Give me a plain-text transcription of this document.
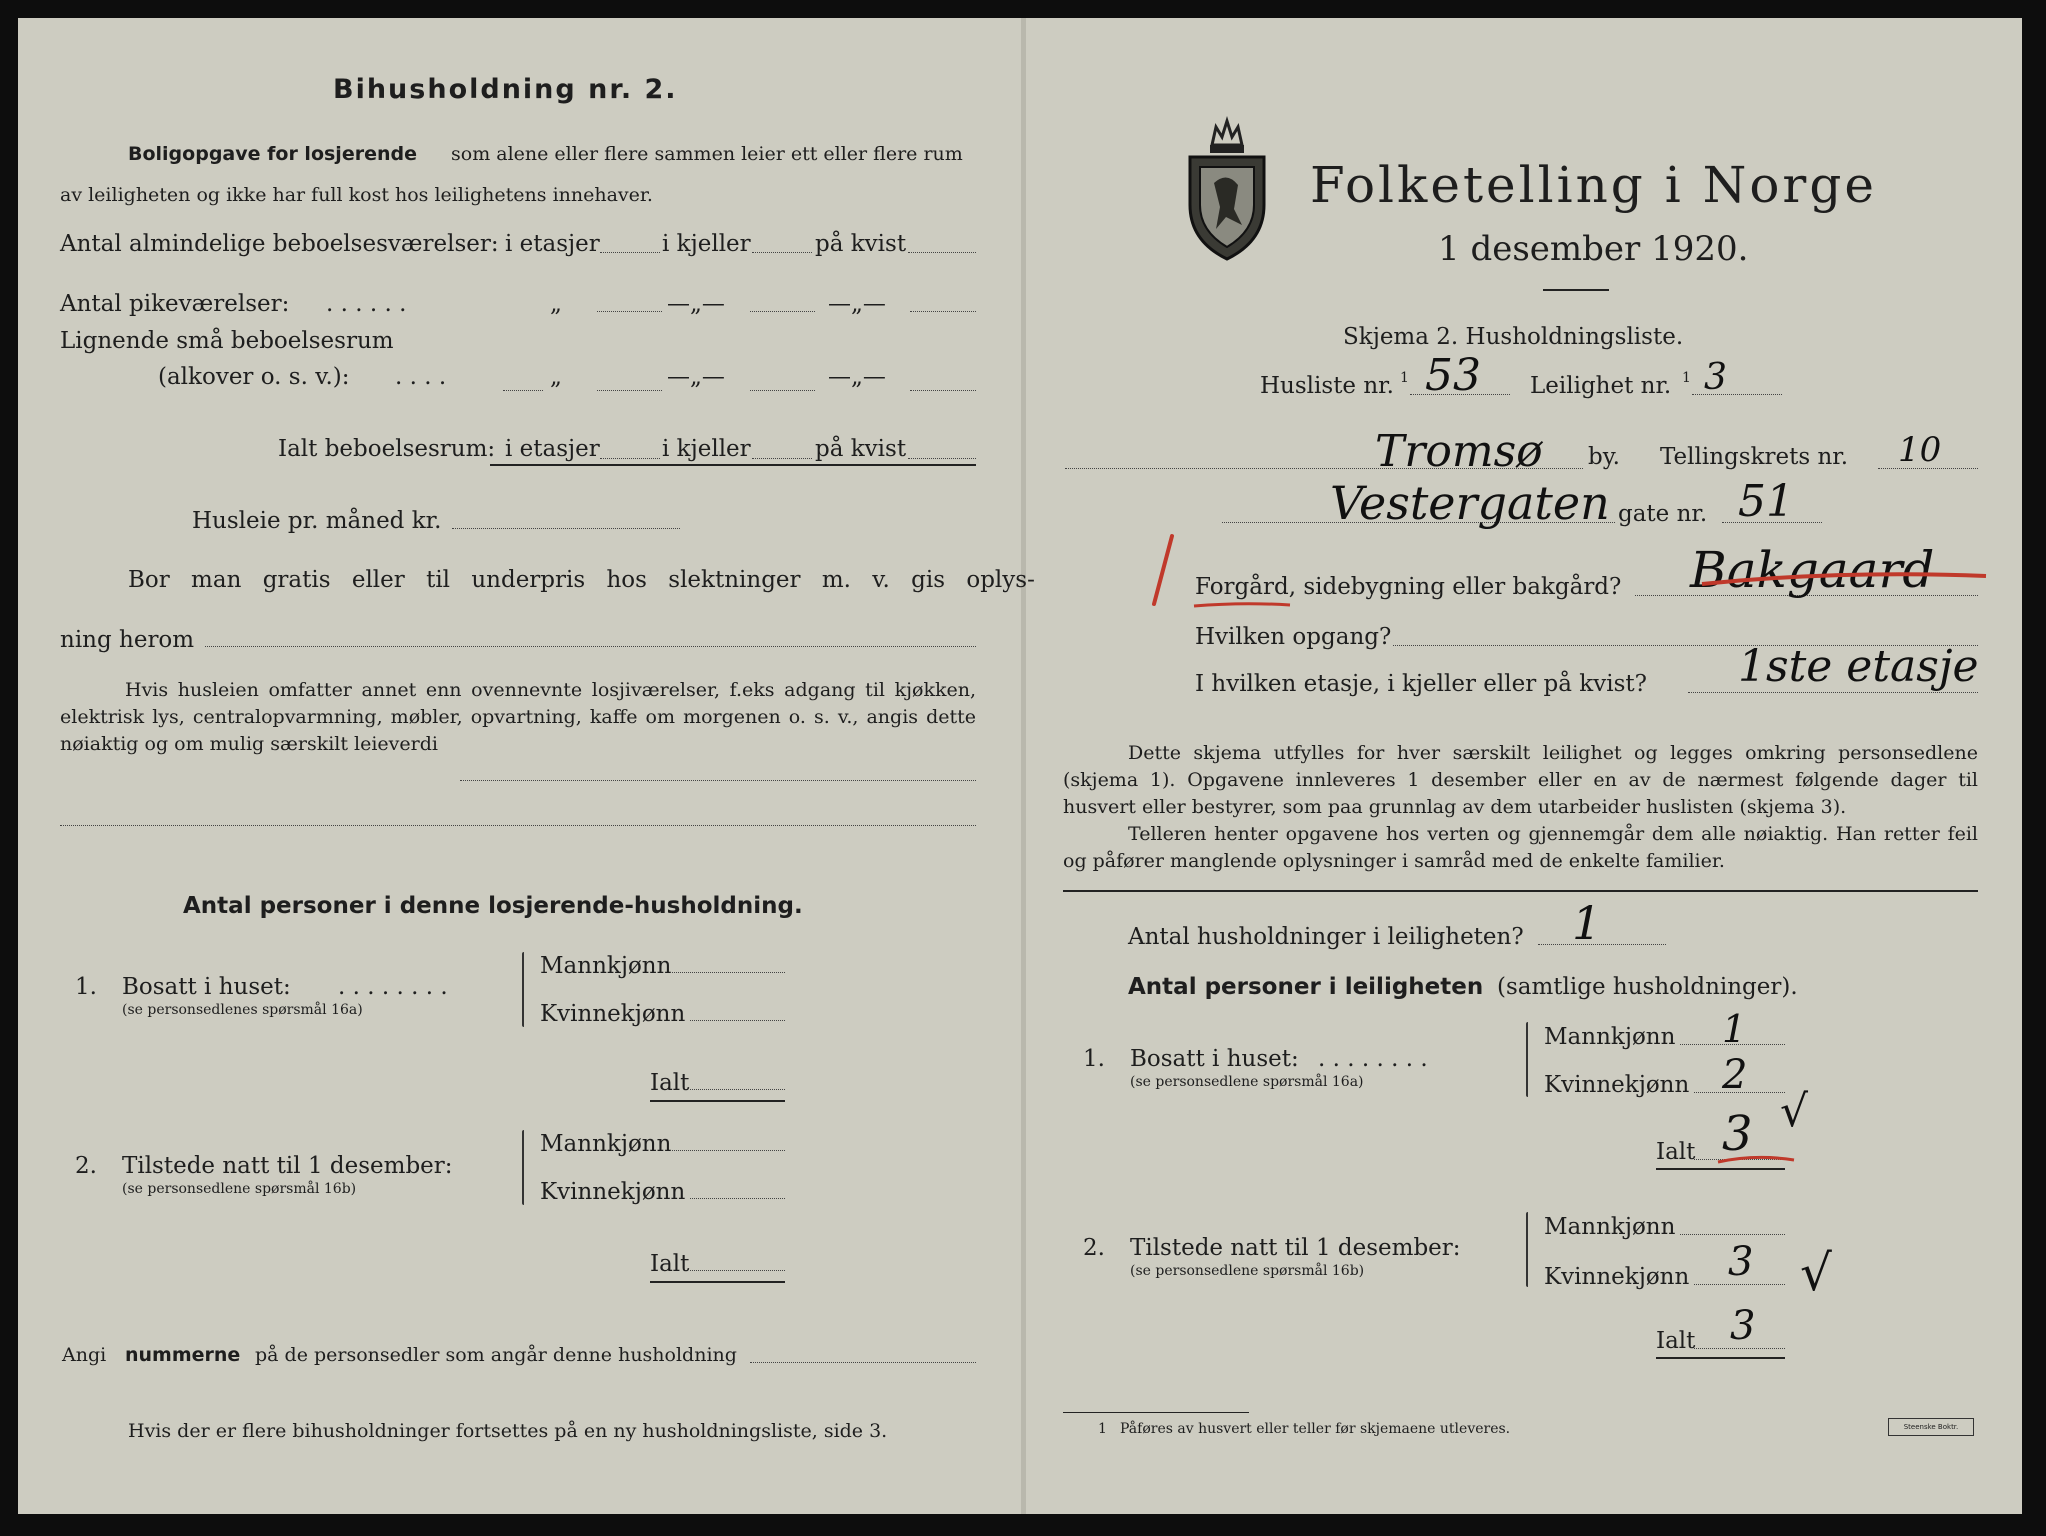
Bihusholdning nr. 2.
Boligopgave for losjerende som alene eller flere sammen leier ett eller flere rum
av leiligheten og ikke har full kost hos leilighetens innehaver.
Antal almindelige beboelsesværelser: i etasjer	i kjeller	på kvist
Antal pikeværelser: . . . . . .	„	—„—	—„—
Lignende små beboelsesrum
(alkover o. s. v.): . . . .	„	—„—	—„—
Ialt beboelsesrum: i etasjer	i kjeller	på kvist
Husleie pr. måned kr.
Bor man gratis eller til underpris hos slektninger m. v. gis oplys-
ning herom
Hvis husleien omfatter annet enn ovennevnte losjiværelser, f.eks adgang til kjøkken, elektrisk lys, centralopvarmning, møbler, opvartning, kaffe om morgenen o. s. v., angis dette nøiaktig og om mulig særskilt leieverdi
Antal personer i denne losjerende-husholdning.
1. Bosatt i huset: . . . . . . . .
(se personsedlenes spørsmål 16a)
Mannkjønn
Kvinnekjønn
Ialt
2. Tilstede natt til 1 desember:
(se personsedlene spørsmål 16b)
Mannkjønn
Kvinnekjønn
Ialt
Angi nummerne på de personsedler som angår denne husholdning
Hvis der er flere bihusholdninger fortsettes på en ny husholdningsliste, side 3.
Folketelling i Norge
1 desember 1920.
Skjema 2. Husholdningsliste.
Husliste nr. 1 53 Leilighet nr. 1 3
Tromsø by. Tellingskrets nr. 10
Vestergaten gate nr. 51
Forgård, sidebygning eller bakgård? Bakgaard
Hvilken opgang?
I hvilken etasje, i kjeller eller på kvist? 1ste etasje
Dette skjema utfylles for hver særskilt leilighet og legges omkring personsedlene (skjema 1). Opgavene innleveres 1 desember eller en av de nærmest følgende dager til husvert eller bestyrer, som paa grunnlag av dem utarbeider huslisten (skjema 3).
Telleren henter opgavene hos verten og gjennemgår dem alle nøiaktig. Han retter feil og påfører manglende oplysninger i samråd med de enkelte familier.
Antal husholdninger i leiligheten? 1
Antal personer i leiligheten (samtlige husholdninger).
1. Bosatt i huset: . . . . . . . .
(se personsedlene spørsmål 16a)
Mannkjønn 1
Kvinnekjønn 2
√
Ialt 3
2. Tilstede natt til 1 desember:
(se personsedlene spørsmål 16b)
Mannkjønn
Kvinnekjønn 3 √
Ialt 3
1 Påføres av husvert eller teller før skjemaene utleveres.	Steenske Boktr.
